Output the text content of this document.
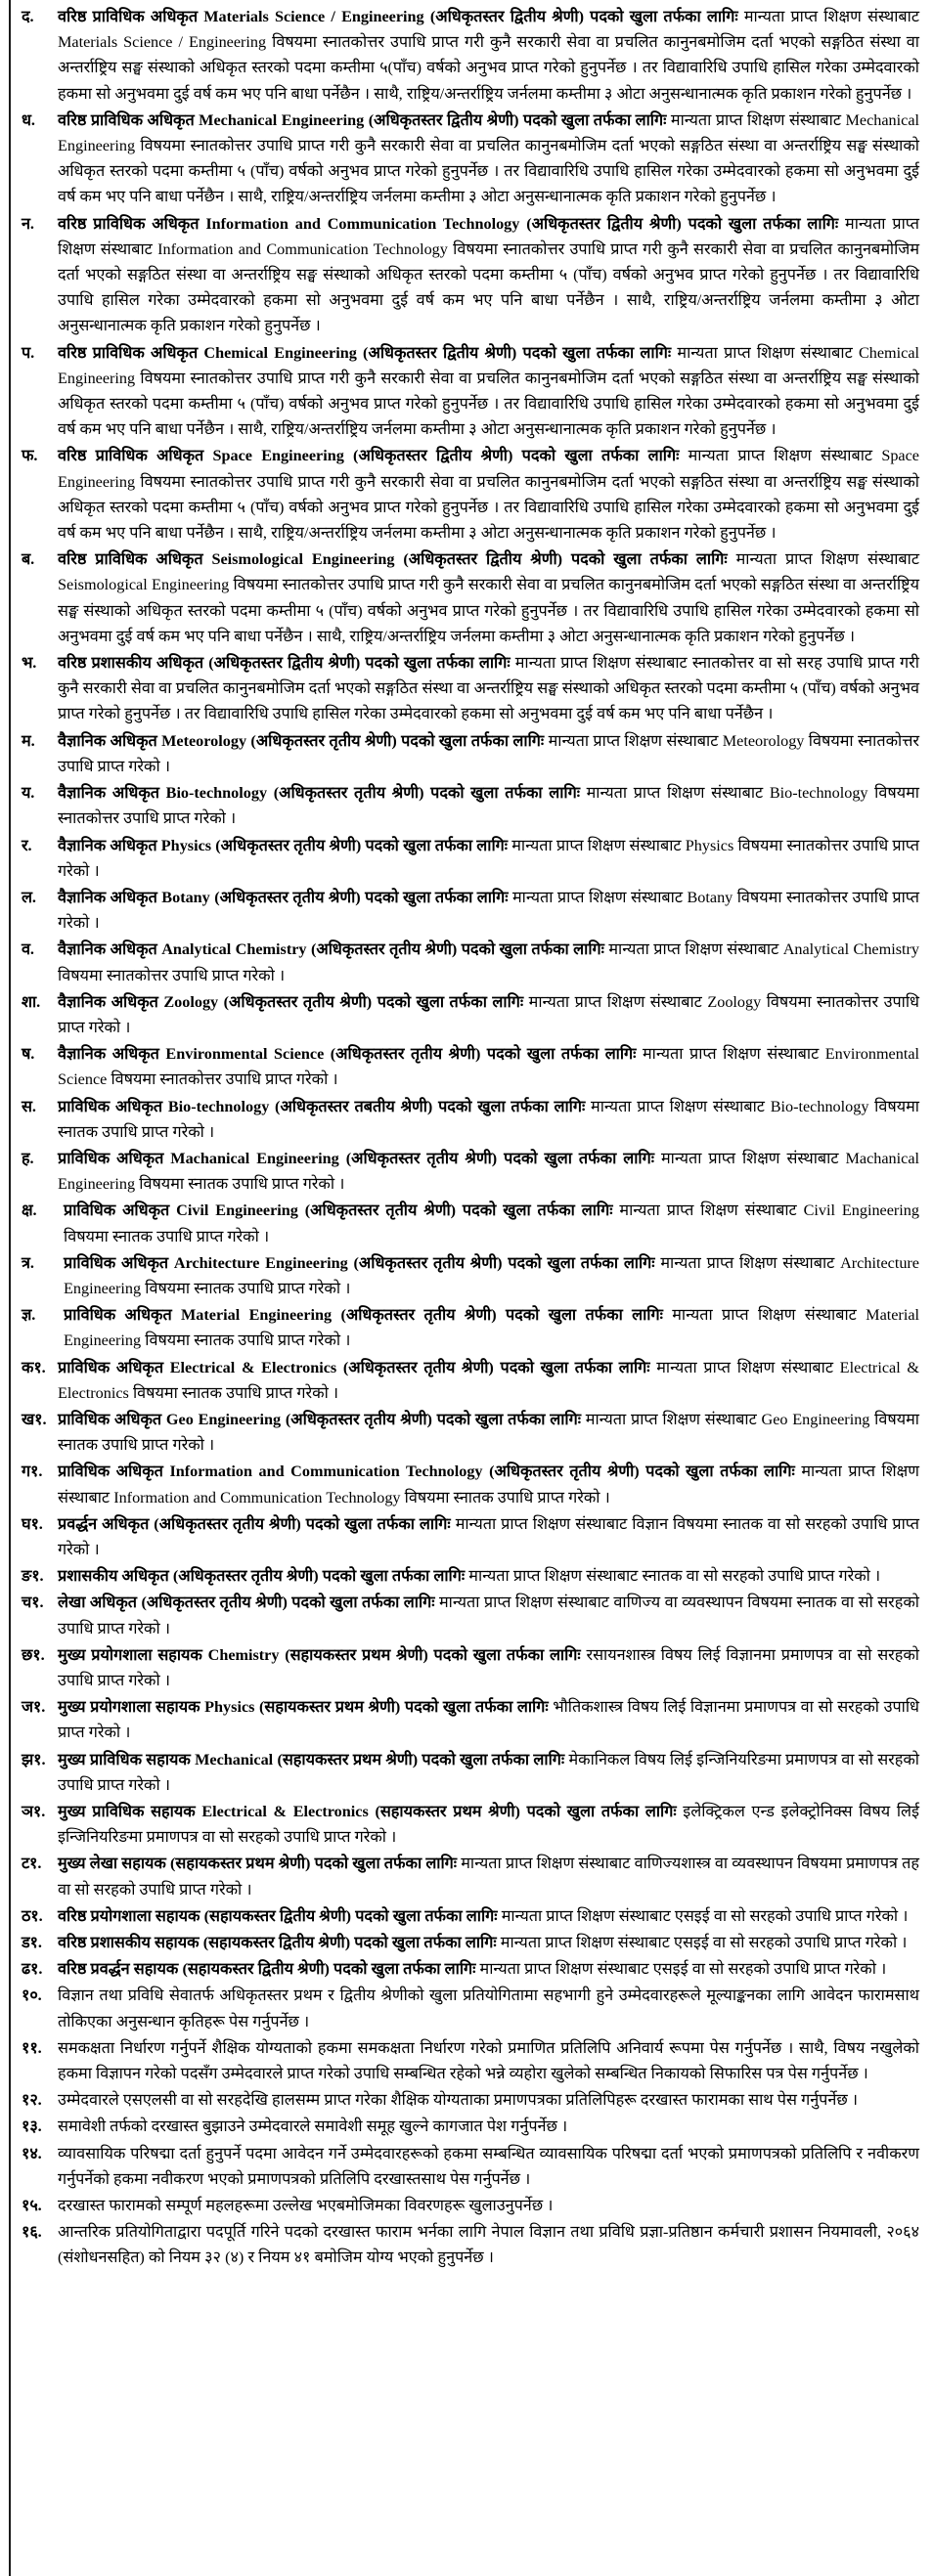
द.	वरिष्ठ प्राविधिक अधिकृत Materials Science / Engineering (अधिकृतस्तर द्वितीय श्रेणी) पदको खुला तर्फका लागिः मान्यता प्राप्त शिक्षण संस्थाबाट Materials Science / Engineering विषयमा स्नातकोत्तर उपाधि प्राप्त गरी कुनै सरकारी सेवा वा प्रचलित कानुनबमोजिम दर्ता भएको सङ्गठित संस्था वा अन्तर्राष्ट्रिय सङ्घ संस्थाको अधिकृत स्तरको पदमा कम्तीमा ५(पाँच) वर्षको अनुभव प्राप्त गरेको हुनुपर्नेछ । तर विद्यावारिधि उपाधि हासिल गरेका उम्मेदवारको हकमा सो अनुभवमा दुई वर्ष कम भए पनि बाधा पर्नेछैन । साथै, राष्ट्रिय/अन्तर्राष्ट्रिय जर्नलमा कम्तीमा ३ ओटा अनुसन्धानात्मक कृति प्रकाशन गरेको हुनुपर्नेछ ।
ध.	वरिष्ठ प्राविधिक अधिकृत Mechanical Engineering (अधिकृतस्तर द्वितीय श्रेणी) पदको खुला तर्फका लागिः मान्यता प्राप्त शिक्षण संस्थाबाट Mechanical Engineering विषयमा स्नातकोत्तर उपाधि प्राप्त गरी कुनै सरकारी सेवा वा प्रचलित कानुनबमोजिम दर्ता भएको सङ्गठित संस्था वा अन्तर्राष्ट्रिय सङ्घ संस्थाको अधिकृत स्तरको पदमा कम्तीमा ५ (पाँच) वर्षको अनुभव प्राप्त गरेको हुनुपर्नेछ । तर विद्यावारिधि उपाधि हासिल गरेका उम्मेदवारको हकमा सो अनुभवमा दुई वर्ष कम भए पनि बाधा पर्नेछैन । साथै, राष्ट्रिय/अन्तर्राष्ट्रिय जर्नलमा कम्तीमा ३ ओटा अनुसन्धानात्मक कृति प्रकाशन गरेको हुनुपर्नेछ ।
न.	वरिष्ठ प्राविधिक अधिकृत Information and Communication Technology (अधिकृतस्तर द्वितीय श्रेणी) पदको खुला तर्फका लागिः मान्यता प्राप्त शिक्षण संस्थाबाट Information and Communication Technology विषयमा स्नातकोत्तर उपाधि प्राप्त गरी कुनै सरकारी सेवा वा प्रचलित कानुनबमोजिम दर्ता भएको सङ्गठित संस्था वा अन्तर्राष्ट्रिय सङ्घ संस्थाको अधिकृत स्तरको पदमा कम्तीमा ५ (पाँच) वर्षको अनुभव प्राप्त गरेको हुनुपर्नेछ । तर विद्यावारिधि उपाधि हासिल गरेका उम्मेदवारको हकमा सो अनुभवमा दुई वर्ष कम भए पनि बाधा पर्नेछैन । साथै, राष्ट्रिय/अन्तर्राष्ट्रिय जर्नलमा कम्तीमा ३ ओटा अनुसन्धानात्मक कृति प्रकाशन गरेको हुनुपर्नेछ ।
प.	वरिष्ठ प्राविधिक अधिकृत Chemical Engineering (अधिकृतस्तर द्वितीय श्रेणी) पदको खुला तर्फका लागिः मान्यता प्राप्त शिक्षण संस्थाबाट Chemical Engineering विषयमा स्नातकोत्तर उपाधि प्राप्त गरी कुनै सरकारी सेवा वा प्रचलित कानुनबमोजिम दर्ता भएको सङ्गठित संस्था वा अन्तर्राष्ट्रिय सङ्घ संस्थाको अधिकृत स्तरको पदमा कम्तीमा ५ (पाँच) वर्षको अनुभव प्राप्त गरेको हुनुपर्नेछ । तर विद्यावारिधि उपाधि हासिल गरेका उम्मेदवारको हकमा सो अनुभवमा दुई वर्ष कम भए पनि बाधा पर्नेछैन । साथै, राष्ट्रिय/अन्तर्राष्ट्रिय जर्नलमा कम्तीमा ३ ओटा अनुसन्धानात्मक कृति प्रकाशन गरेको हुनुपर्नेछ ।
फ.	वरिष्ठ प्राविधिक अधिकृत Space Engineering (अधिकृतस्तर द्वितीय श्रेणी) पदको खुला तर्फका लागिः मान्यता प्राप्त शिक्षण संस्थाबाट Space Engineering विषयमा स्नातकोत्तर उपाधि प्राप्त गरी कुनै सरकारी सेवा वा प्रचलित कानुनबमोजिम दर्ता भएको सङ्गठित संस्था वा अन्तर्राष्ट्रिय सङ्घ संस्थाको अधिकृत स्तरको पदमा कम्तीमा ५ (पाँच) वर्षको अनुभव प्राप्त गरेको हुनुपर्नेछ । तर विद्यावारिधि उपाधि हासिल गरेका उम्मेदवारको हकमा सो अनुभवमा दुई वर्ष कम भए पनि बाधा पर्नेछैन । साथै, राष्ट्रिय/अन्तर्राष्ट्रिय जर्नलमा कम्तीमा ३ ओटा अनुसन्धानात्मक कृति प्रकाशन गरेको हुनुपर्नेछ ।
ब.	वरिष्ठ प्राविधिक अधिकृत Seismological Engineering (अधिकृतस्तर द्वितीय श्रेणी) पदको खुला तर्फका लागिः मान्यता प्राप्त शिक्षण संस्थाबाट Seismological Engineering विषयमा स्नातकोत्तर उपाधि प्राप्त गरी कुनै सरकारी सेवा वा प्रचलित कानुनबमोजिम दर्ता भएको सङ्गठित संस्था वा अन्तर्राष्ट्रिय सङ्घ संस्थाको अधिकृत स्तरको पदमा कम्तीमा ५ (पाँच) वर्षको अनुभव प्राप्त गरेको हुनुपर्नेछ । तर विद्यावारिधि उपाधि हासिल गरेका उम्मेदवारको हकमा सो अनुभवमा दुई वर्ष कम भए पनि बाधा पर्नेछैन । साथै, राष्ट्रिय/अन्तर्राष्ट्रिय जर्नलमा कम्तीमा ३ ओटा अनुसन्धानात्मक कृति प्रकाशन गरेको हुनुपर्नेछ ।
भ.	वरिष्ठ प्रशासकीय अधिकृत (अधिकृतस्तर द्वितीय श्रेणी) पदको खुला तर्फका लागिः मान्यता प्राप्त शिक्षण संस्थाबाट स्नातकोत्तर वा सो सरह उपाधि प्राप्त गरी कुनै सरकारी सेवा वा प्रचलित कानुनबमोजिम दर्ता भएको सङ्गठित संस्था वा अन्तर्राष्ट्रिय सङ्घ संस्थाको अधिकृत स्तरको पदमा कम्तीमा ५ (पाँच) वर्षको अनुभव प्राप्त गरेको हुनुपर्नेछ । तर विद्यावारिधि उपाधि हासिल गरेका उम्मेदवारको हकमा सो अनुभवमा दुई वर्ष कम भए पनि बाधा पर्नेछैन ।
म.	वैज्ञानिक अधिकृत Meteorology (अधिकृतस्तर तृतीय श्रेणी) पदको खुला तर्फका लागिः मान्यता प्राप्त शिक्षण संस्थाबाट Meteorology विषयमा स्नातकोत्तर उपाधि प्राप्त गरेको ।
य.	वैज्ञानिक अधिकृत Bio-technology (अधिकृतस्तर तृतीय श्रेणी) पदको खुला तर्फका लागिः मान्यता प्राप्त शिक्षण संस्थाबाट Bio-technology विषयमा स्नातकोत्तर उपाधि प्राप्त गरेको ।
र.	वैज्ञानिक अधिकृत Physics (अधिकृतस्तर तृतीय श्रेणी) पदको खुला तर्फका लागिः मान्यता प्राप्त शिक्षण संस्थाबाट Physics विषयमा स्नातकोत्तर उपाधि प्राप्त गरेको ।
ल.	वैज्ञानिक अधिकृत Botany (अधिकृतस्तर तृतीय श्रेणी) पदको खुला तर्फका लागिः मान्यता प्राप्त शिक्षण संस्थाबाट Botany विषयमा स्नातकोत्तर उपाधि प्राप्त गरेको ।
व.	वैज्ञानिक अधिकृत Analytical Chemistry (अधिकृतस्तर तृतीय श्रेणी) पदको खुला तर्फका लागिः मान्यता प्राप्त शिक्षण संस्थाबाट Analytical Chemistry विषयमा स्नातकोत्तर उपाधि प्राप्त गरेको ।
शा.	वैज्ञानिक अधिकृत Zoology (अधिकृतस्तर तृतीय श्रेणी) पदको खुला तर्फका लागिः मान्यता प्राप्त शिक्षण संस्थाबाट Zoology विषयमा स्नातकोत्तर उपाधि प्राप्त गरेको ।
ष.	वैज्ञानिक अधिकृत Environmental Science (अधिकृतस्तर तृतीय श्रेणी) पदको खुला तर्फका लागिः मान्यता प्राप्त शिक्षण संस्थाबाट Environmental Science विषयमा स्नातकोत्तर उपाधि प्राप्त गरेको ।
स.	प्राविधिक अधिकृत Bio-technology (अधिकृतस्तर तबतीय श्रेणी) पदको खुला तर्फका लागिः मान्यता प्राप्त शिक्षण संस्थाबाट Bio-technology विषयमा स्नातक उपाधि प्राप्त गरेको ।
ह.	प्राविधिक अधिकृत Machanical Engineering (अधिकृतस्तर तृतीय श्रेणी) पदको खुला तर्फका लागिः मान्यता प्राप्त शिक्षण संस्थाबाट Machanical Engineering विषयमा स्नातक उपाधि प्राप्त गरेको ।
क्ष.	प्राविधिक अधिकृत Civil Engineering (अधिकृतस्तर तृतीय श्रेणी) पदको खुला तर्फका लागिः मान्यता प्राप्त शिक्षण संस्थाबाट Civil Engineering विषयमा स्नातक उपाधि प्राप्त गरेको ।
त्र.	प्राविधिक अधिकृत Architecture Engineering (अधिकृतस्तर तृतीय श्रेणी) पदको खुला तर्फका लागिः मान्यता प्राप्त शिक्षण संस्थाबाट Architecture Engineering विषयमा स्नातक उपाधि प्राप्त गरेको ।
ज्ञ.	प्राविधिक अधिकृत Material Engineering (अधिकृतस्तर तृतीय श्रेणी) पदको खुला तर्फका लागिः मान्यता प्राप्त शिक्षण संस्थाबाट Material Engineering विषयमा स्नातक उपाधि प्राप्त गरेको ।
क१. प्राविधिक अधिकृत Electrical & Electronics (अधिकृतस्तर तृतीय श्रेणी) पदको खुला तर्फका लागिः मान्यता प्राप्त शिक्षण संस्थाबाट Electrical & Electronics विषयमा स्नातक उपाधि प्राप्त गरेको ।
ख१. प्राविधिक अधिकृत Geo Engineering (अधिकृतस्तर तृतीय श्रेणी) पदको खुला तर्फका लागिः मान्यता प्राप्त शिक्षण संस्थाबाट Geo Engineering विषयमा स्नातक उपाधि प्राप्त गरेको ।
ग१. प्राविधिक अधिकृत Information and Communication Technology (अधिकृतस्तर तृतीय श्रेणी) पदको खुला तर्फका लागिः मान्यता प्राप्त शिक्षण संस्थाबाट Information and Communication Technology विषयमा स्नातक उपाधि प्राप्त गरेको ।
घ१. प्रवर्द्धन अधिकृत (अधिकृतस्तर तृतीय श्रेणी) पदको खुला तर्फका लागिः मान्यता प्राप्त शिक्षण संस्थाबाट विज्ञान विषयमा स्नातक वा सो सरहको उपाधि प्राप्त गरेको ।
ङ१. प्रशासकीय अधिकृत (अधिकृतस्तर तृतीय श्रेणी) पदको खुला तर्फका लागिः मान्यता प्राप्त शिक्षण संस्थाबाट स्नातक वा सो सरहको उपाधि प्राप्त गरेको ।
च१. लेखा अधिकृत (अधिकृतस्तर तृतीय श्रेणी) पदको खुला तर्फका लागिः मान्यता प्राप्त शिक्षण संस्थाबाट वाणिज्य वा व्यवस्थापन विषयमा स्नातक वा सो सरहको उपाधि प्राप्त गरेको ।
छ१. मुख्य प्रयोगशाला सहायक Chemistry (सहायकस्तर प्रथम श्रेणी) पदको खुला तर्फका लागिः रसायनशास्त्र विषय लिई विज्ञानमा प्रमाणपत्र वा सो सरहको उपाधि प्राप्त गरेको ।
ज१. मुख्य प्रयोगशाला सहायक Physics (सहायकस्तर प्रथम श्रेणी) पदको खुला तर्फका लागिः भौतिकशास्त्र विषय लिई विज्ञानमा प्रमाणपत्र वा सो सरहको उपाधि प्राप्त गरेको ।
झ१. मुख्य प्राविधिक सहायक Mechanical (सहायकस्तर प्रथम श्रेणी) पदको खुला तर्फका लागिः मेकानिकल विषय लिई इन्जिनियरिङमा प्रमाणपत्र वा सो सरहको उपाधि प्राप्त गरेको ।
ञ१. मुख्य प्राविधिक सहायक Electrical & Electronics (सहायकस्तर प्रथम श्रेणी) पदको खुला तर्फका लागिः इलेक्ट्रिकल एन्ड इलेक्ट्रोनिक्स विषय लिई इन्जिनियरिङमा प्रमाणपत्र वा सो सरहको उपाधि प्राप्त गरेको ।
ट१.	मुख्य लेखा सहायक (सहायकस्तर प्रथम श्रेणी) पदको खुला तर्फका लागिः मान्यता प्राप्त शिक्षण संस्थाबाट वाणिज्यशास्त्र वा व्यवस्थापन विषयमा प्रमाणपत्र तह वा सो सरहको उपाधि प्राप्त गरेको ।
ठ१. वरिष्ठ प्रयोगशाला सहायक (सहायकस्तर द्वितीय श्रेणी) पदको खुला तर्फका लागिः मान्यता प्राप्त शिक्षण संस्थाबाट एसइई वा सो सरहको उपाधि प्राप्त गरेको ।
ड१. वरिष्ठ प्रशासकीय सहायक (सहायकस्तर द्वितीय श्रेणी) पदको खुला तर्फका लागिः मान्यता प्राप्त शिक्षण संस्थाबाट एसइई वा सो सरहको उपाधि प्राप्त गरेको ।
ढ१. वरिष्ठ प्रवर्द्धन सहायक (सहायकस्तर द्वितीय श्रेणी) पदको खुला तर्फका लागिः मान्यता प्राप्त शिक्षण संस्थाबाट एसइई वा सो सरहको उपाधि प्राप्त गरेको ।
१०.	विज्ञान तथा प्रविधि सेवातर्फ अधिकृतस्तर प्रथम र द्वितीय श्रेणीको खुला प्रतियोगितामा सहभागी हुने उम्मेदवारहरूले मूल्याङ्कनका लागि आवेदन फारामसाथ तोकिएका अनुसन्धान कृतिहरू पेस गर्नुपर्नेछ ।
११.	समकक्षता निर्धारण गर्नुपर्ने शैक्षिक योग्यताको हकमा समकक्षता निर्धारण गरेको प्रमाणित प्रतिलिपि अनिवार्य रूपमा पेस गर्नुपर्नेछ । साथै, विषय नखुलेको हकमा विज्ञापन गरेको पदसँग उम्मेदवारले प्राप्त गरेको उपाधि सम्बन्धित रहेको भन्ने व्यहोरा खुलेको सम्बन्धित निकायको सिफारिस पत्र पेस गर्नुपर्नेछ ।
१२.	उम्मेदवारले एसएलसी वा सो सरहदेखि हालसम्म प्राप्त गरेका शैक्षिक योग्यताका प्रमाणपत्रका प्रतिलिपिहरू दरखास्त फारामका साथ पेस गर्नुपर्नेछ ।
१३.	समावेशी तर्फको दरखास्त बुझाउने उम्मेदवारले समावेशी समूह खुल्ने कागजात पेश गर्नुपर्नेछ ।
१४.	व्यावसायिक परिषद्मा दर्ता हुनुपर्ने पदमा आवेदन गर्ने उम्मेदवारहरूको हकमा सम्बन्धित व्यावसायिक परिषद्मा दर्ता भएको प्रमाणपत्रको प्रतिलिपि र नवीकरण गर्नुपर्नेको हकमा नवीकरण भएको प्रमाणपत्रको प्रतिलिपि दरखास्तसाथ पेस गर्नुपर्नेछ ।
१५.	दरखास्त फारामको सम्पूर्ण महलहरूमा उल्लेख भएबमोजिमका विवरणहरू खुलाउनुपर्नेछ ।
१६.	आन्तरिक प्रतियोगिताद्वारा पदपूर्ति गरिने पदको दरखास्त फाराम भर्नका लागि नेपाल विज्ञान तथा प्रविधि प्रज्ञा-प्रतिष्ठान कर्मचारी प्रशासन नियमावली, २०६४ (संशोधनसहित) को नियम ३२ (४) र नियम ४१ बमोजिम योग्य भएको हुनुपर्नेछ ।
